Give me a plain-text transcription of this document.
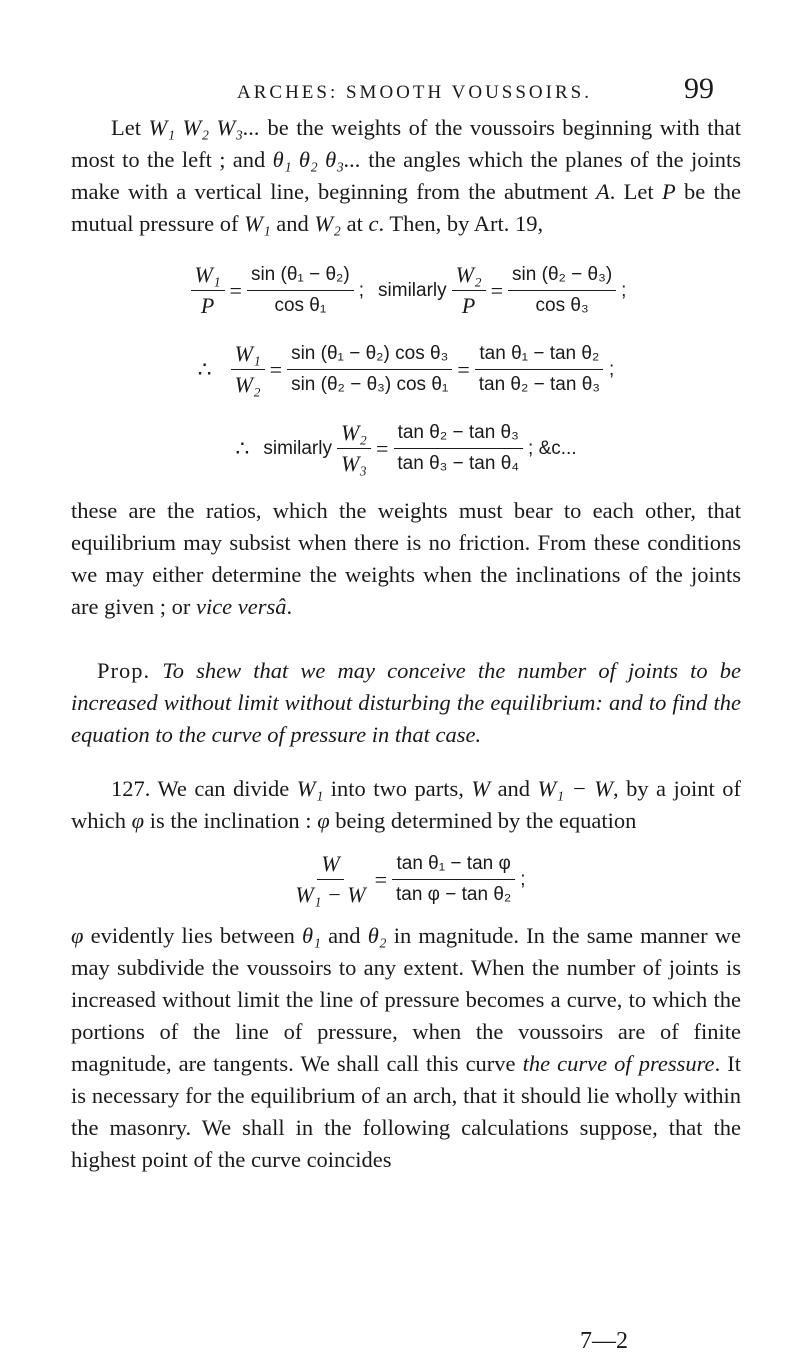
ARCHES: SMOOTH VOUSSOIRS.	99

Let W₁ W₂ W₃... be the weights of the voussoirs beginning with that most to the left ; and θ₁ θ₂ θ₃... the angles which the planes of the joints make with a vertical line, beginning from the abutment A. Let P be the mutual pressure of W₁ and W₂ at c. Then, by Art. 19,

$\frac{\text{W₁}}{P} = \frac{\text{sin (θ₁ − θ₂)}}{\text{cos θ₁}}$ ; similarly $\frac{\text{W₂}}{P} = \frac{\text{sin (θ₂ − θ₃)}}{\text{cos θ₃}}$ ;
∴ $\frac{\text{W₁}}{\text{W₂}} = \frac{\text{sin (θ₁ − θ₂) cos θ₃}}{\text{sin (θ₂ − θ₃) cos θ₁}} = \frac{\text{tan θ₁ − tan θ₂}}{\text{tan θ₂ − tan θ₃}}$ ;
∴ similarly $\frac{\text{W₂}}{\text{W₃}} = \frac{\text{tan θ₂ − tan θ₃}}{\text{tan θ₃ − tan θ₄}}$ ; &c...

these are the ratios, which the weights must bear to each other, that equilibrium may subsist when there is no friction. From these conditions we may either determine the weights when the inclinations of the joints are given ; or vice versâ.

Prop. To shew that we may conceive the number of joints to be increased without limit without disturbing the equilibrium: and to find the equation to the curve of pressure in that case.

127. We can divide W₁ into two parts, W and W₁ − W, by a joint of which φ is the inclination : φ being determined by the equation

$\frac{W}{\text{W₁ − W}} = \frac{\text{tan θ₁ − tan φ}}{\text{tan φ − tan θ₂}}$ ;

φ evidently lies between θ₁ and θ₂ in magnitude. In the same manner we may subdivide the voussoirs to any extent. When the number of joints is increased without limit the line of pressure becomes a curve, to which the portions of the line of pressure, when the voussoirs are of finite magnitude, are tangents. We shall call this curve the curve of pressure. It is necessary for the equilibrium of an arch, that it should lie wholly within the masonry. We shall in the following calculations suppose, that the highest point of the curve coincides

7—2
